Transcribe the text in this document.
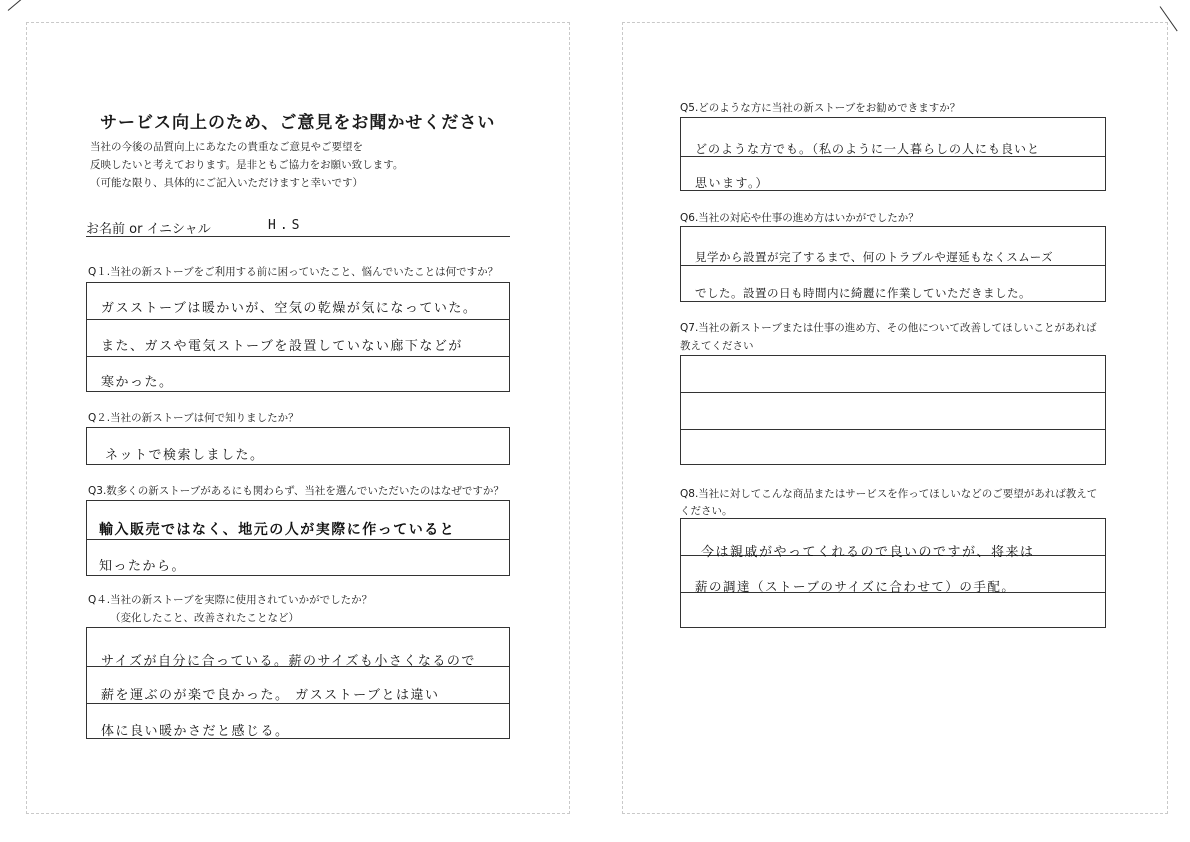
サービス向上のため、ご意見をお聞かせください
当社の今後の品質向上にあなたの貴重なご意見やご要望を
反映したいと考えております。是非ともご協力をお願い致します。
（可能な限り、具体的にご記入いただけますと幸いです）
お名前 or イニシャル	H.S
Q１.当社の新ストーブをご利用する前に困っていたこと、悩んでいたことは何ですか？
ガスストーブは暖かいが、空気の乾燥が気になっていた。
また、ガスや電気ストーブを設置していない廊下などが
寒かった。
Q２.当社の新ストーブは何で知りましたか？
ネットで検索しました。
Q3.数多くの新ストーブがあるにも関わらず、当社を選んでいただいたのはなぜですか？
輸入販売ではなく、地元の人が実際に作っていると
知ったから。
Q４.当社の新ストーブを実際に使用されていかがでしたか？
（変化したこと、改善されたことなど）
サイズが自分に合っている。薪のサイズも小さくなるので
薪を運ぶのが楽で良かった。 ガスストーブとは違い
体に良い暖かさだと感じる。
Q5.どのような方に当社の新ストーブをお勧めできますか？
どのような方でも。（私のように一人暮らしの人にも良いと
思います。）
Q6.当社の対応や仕事の進め方はいかがでしたか？
見学から設置が完了するまで、何のトラブルや遅延もなくスムーズ
でした。設置の日も時間内に綺麗に作業していただきました。
Q7.当社の新ストーブまたは仕事の進め方、その他について改善してほしいことがあれば
教えてください
Q8.当社に対してこんな商品またはサービスを作ってほしいなどのご要望があれば教えて
ください。
今は親戚がやってくれるので良いのですが、将来は
薪の調達（ストーブのサイズに合わせて）の手配。
